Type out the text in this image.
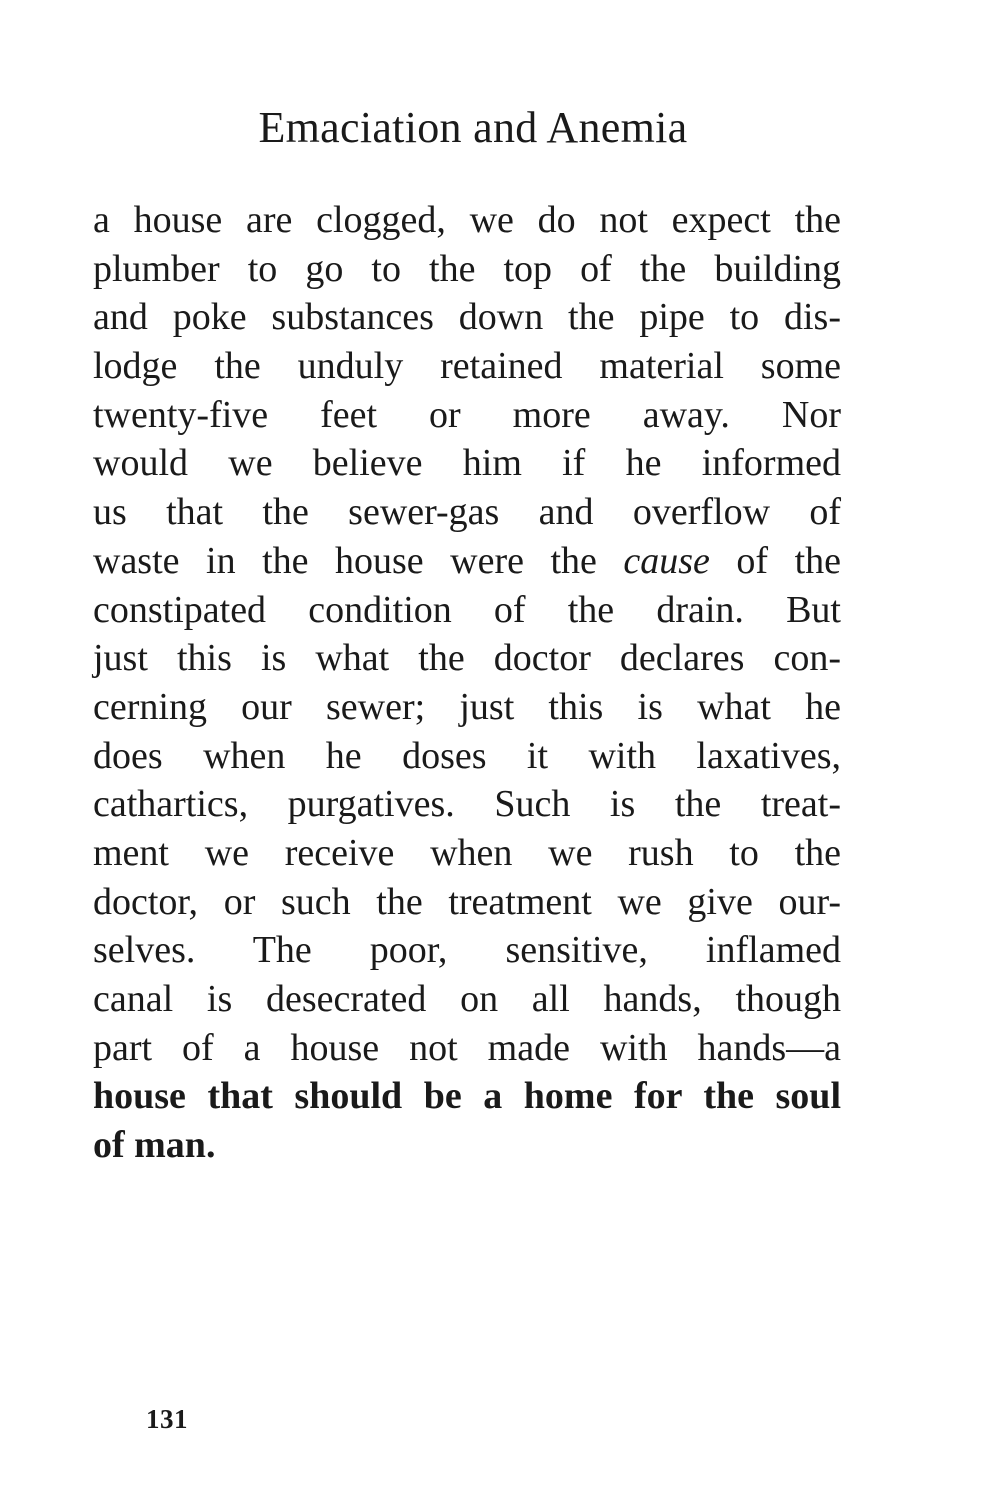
Emaciation and Anemia
a house are clogged, we do not expect the
plumber to go to the top of the building
and poke substances down the pipe to dis-
lodge the unduly retained material some
twenty-five feet or more away. Nor
would we believe him if he informed
us that the sewer-gas and overflow of
waste in the house were the cause of the
constipated condition of the drain. But
just this is what the doctor declares con-
cerning our sewer; just this is what he
does when he doses it with laxatives,
cathartics, purgatives. Such is the treat-
ment we receive when we rush to the
doctor, or such the treatment we give our-
selves. The poor, sensitive, inflamed
canal is desecrated on all hands, though
part of a house not made with hands—a
house that should be a home for the soul
of man.
131
